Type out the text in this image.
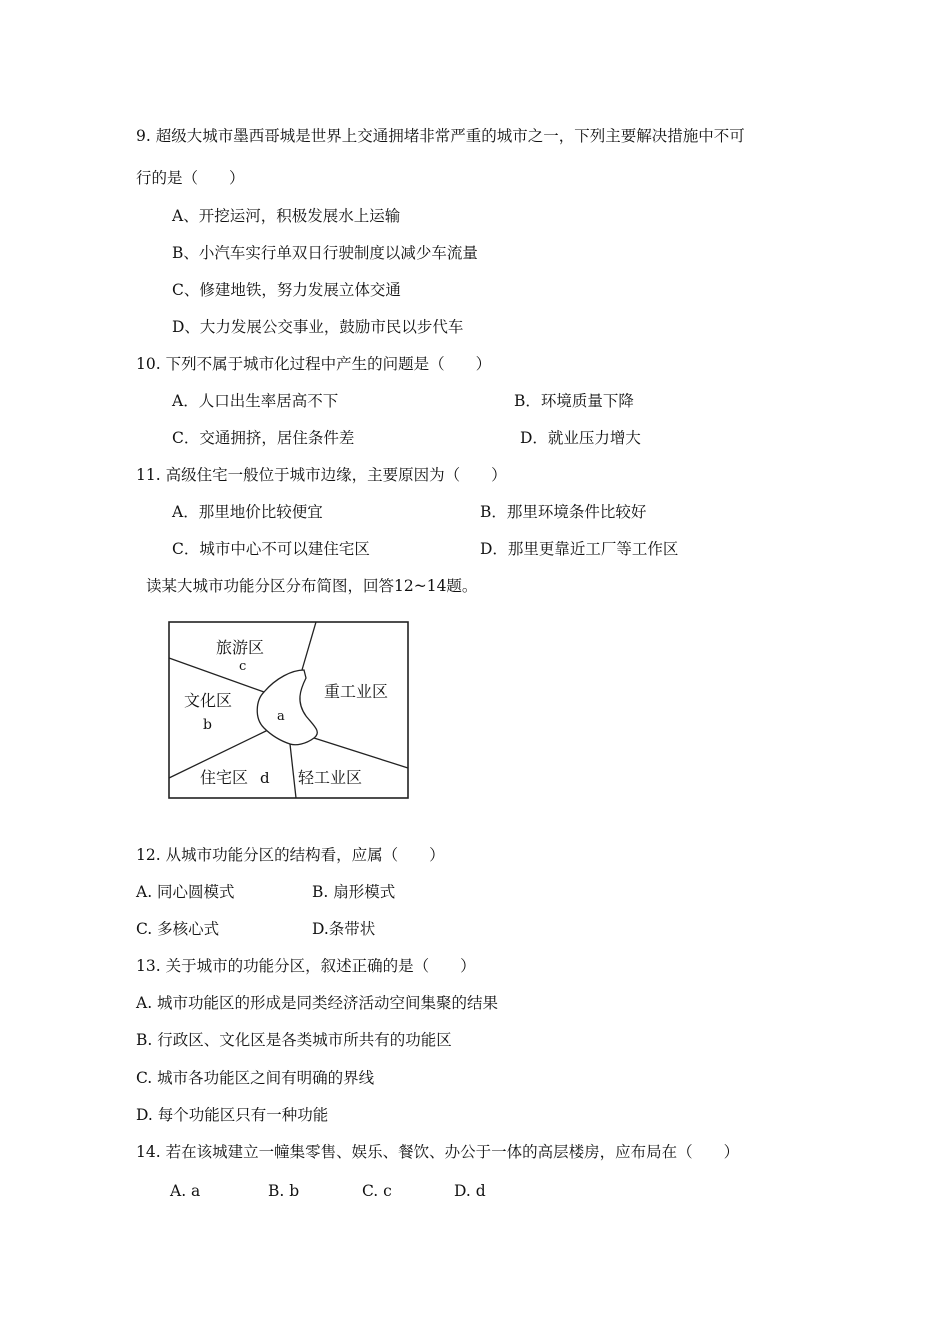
9. 超级大城市墨西哥城是世界上交通拥堵非常严重的城市之一，下列主要解决措施中不可
行的是（　　）
A、开挖运河，积极发展水上运输
B、小汽车实行单双日行驶制度以减少车流量
C、修建地铁，努力发展立体交通
D、大力发展公交事业，鼓励市民以步代车
10. 下列不属于城市化过程中产生的问题是（　　）
A．人口出生率居高不下	B．环境质量下降
C．交通拥挤，居住条件差	D．就业压力增大
11. 高级住宅一般位于城市边缘，主要原因为（　　）
A．那里地价比较便宜	B．那里环境条件比较好
C．城市中心不可以建住宅区	D．那里更靠近工厂等工作区
读某大城市功能分区分布简图，回答12~14题。
旅游区
c
文化区
b
a
重工业区
住宅区 d 轻工业区
12. 从城市功能分区的结构看，应属（　　）
A. 同心圆模式	B. 扇形模式
C. 多核心式	D.条带状
13. 关于城市的功能分区，叙述正确的是（　　）
A. 城市功能区的形成是同类经济活动空间集聚的结果
B. 行政区、文化区是各类城市所共有的功能区
C. 城市各功能区之间有明确的界线
D. 每个功能区只有一种功能
14. 若在该城建立一幢集零售、娱乐、餐饮、办公于一体的高层楼房，应布局在（　　）
A. a	B. b	C. c	D. d
